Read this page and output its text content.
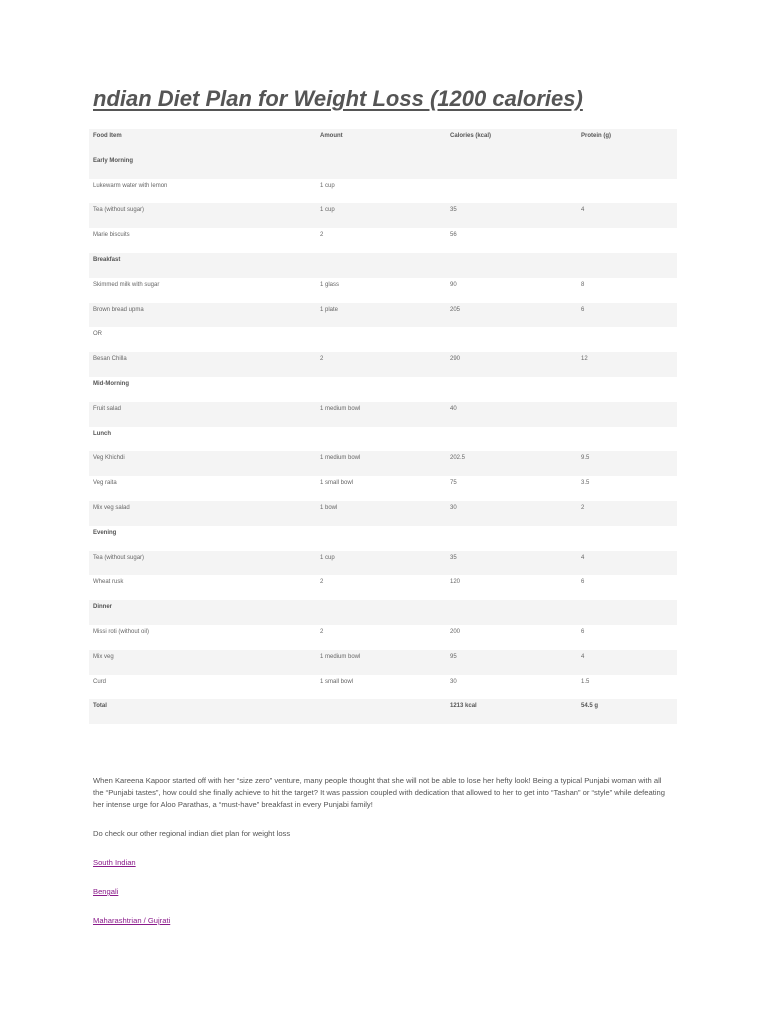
ndian Diet Plan for Weight Loss (1200 calories)
Food Item	Amount	Calories (kcal)	Protein (g)
Early Morning			
Lukewarm water with lemon	1 cup		
Tea (without sugar)	1 cup	35	4
Marie biscuits	2	56	
Breakfast			
Skimmed milk with sugar	1 glass	90	8
Brown bread upma	1 plate	205	6
OR			
Besan Chilla	2	290	12
Mid-Morning			
Fruit salad	1 medium bowl	40	
Lunch			
Veg Khichdi	1 medium bowl	202.5	9.5
Veg raita	1 small bowl	75	3.5
Mix veg salad	1 bowl	30	2
Evening			
Tea (without sugar)	1 cup	35	4
Wheat rusk	2	120	6
Dinner			
Missi roti (without oil)	2	200	6
Mix veg	1 medium bowl	95	4
Curd	1 small bowl	30	1.5
Total		1213 kcal	54.5 g

When Kareena Kapoor started off with her “size zero” venture, many people thought that she will not be able to lose her hefty look! Being a typical Punjabi woman with all the “Punjabi tastes”, how could she finally achieve to hit the target? It was passion coupled with dedication that allowed to her to get into “Tashan” or “style” while defeating her intense urge for Aloo Parathas, a “must-have” breakfast in every Punjabi family!

Do check our other regional indian diet plan for weight loss

South Indian
Bengali
Maharashtrian / Gujrati
